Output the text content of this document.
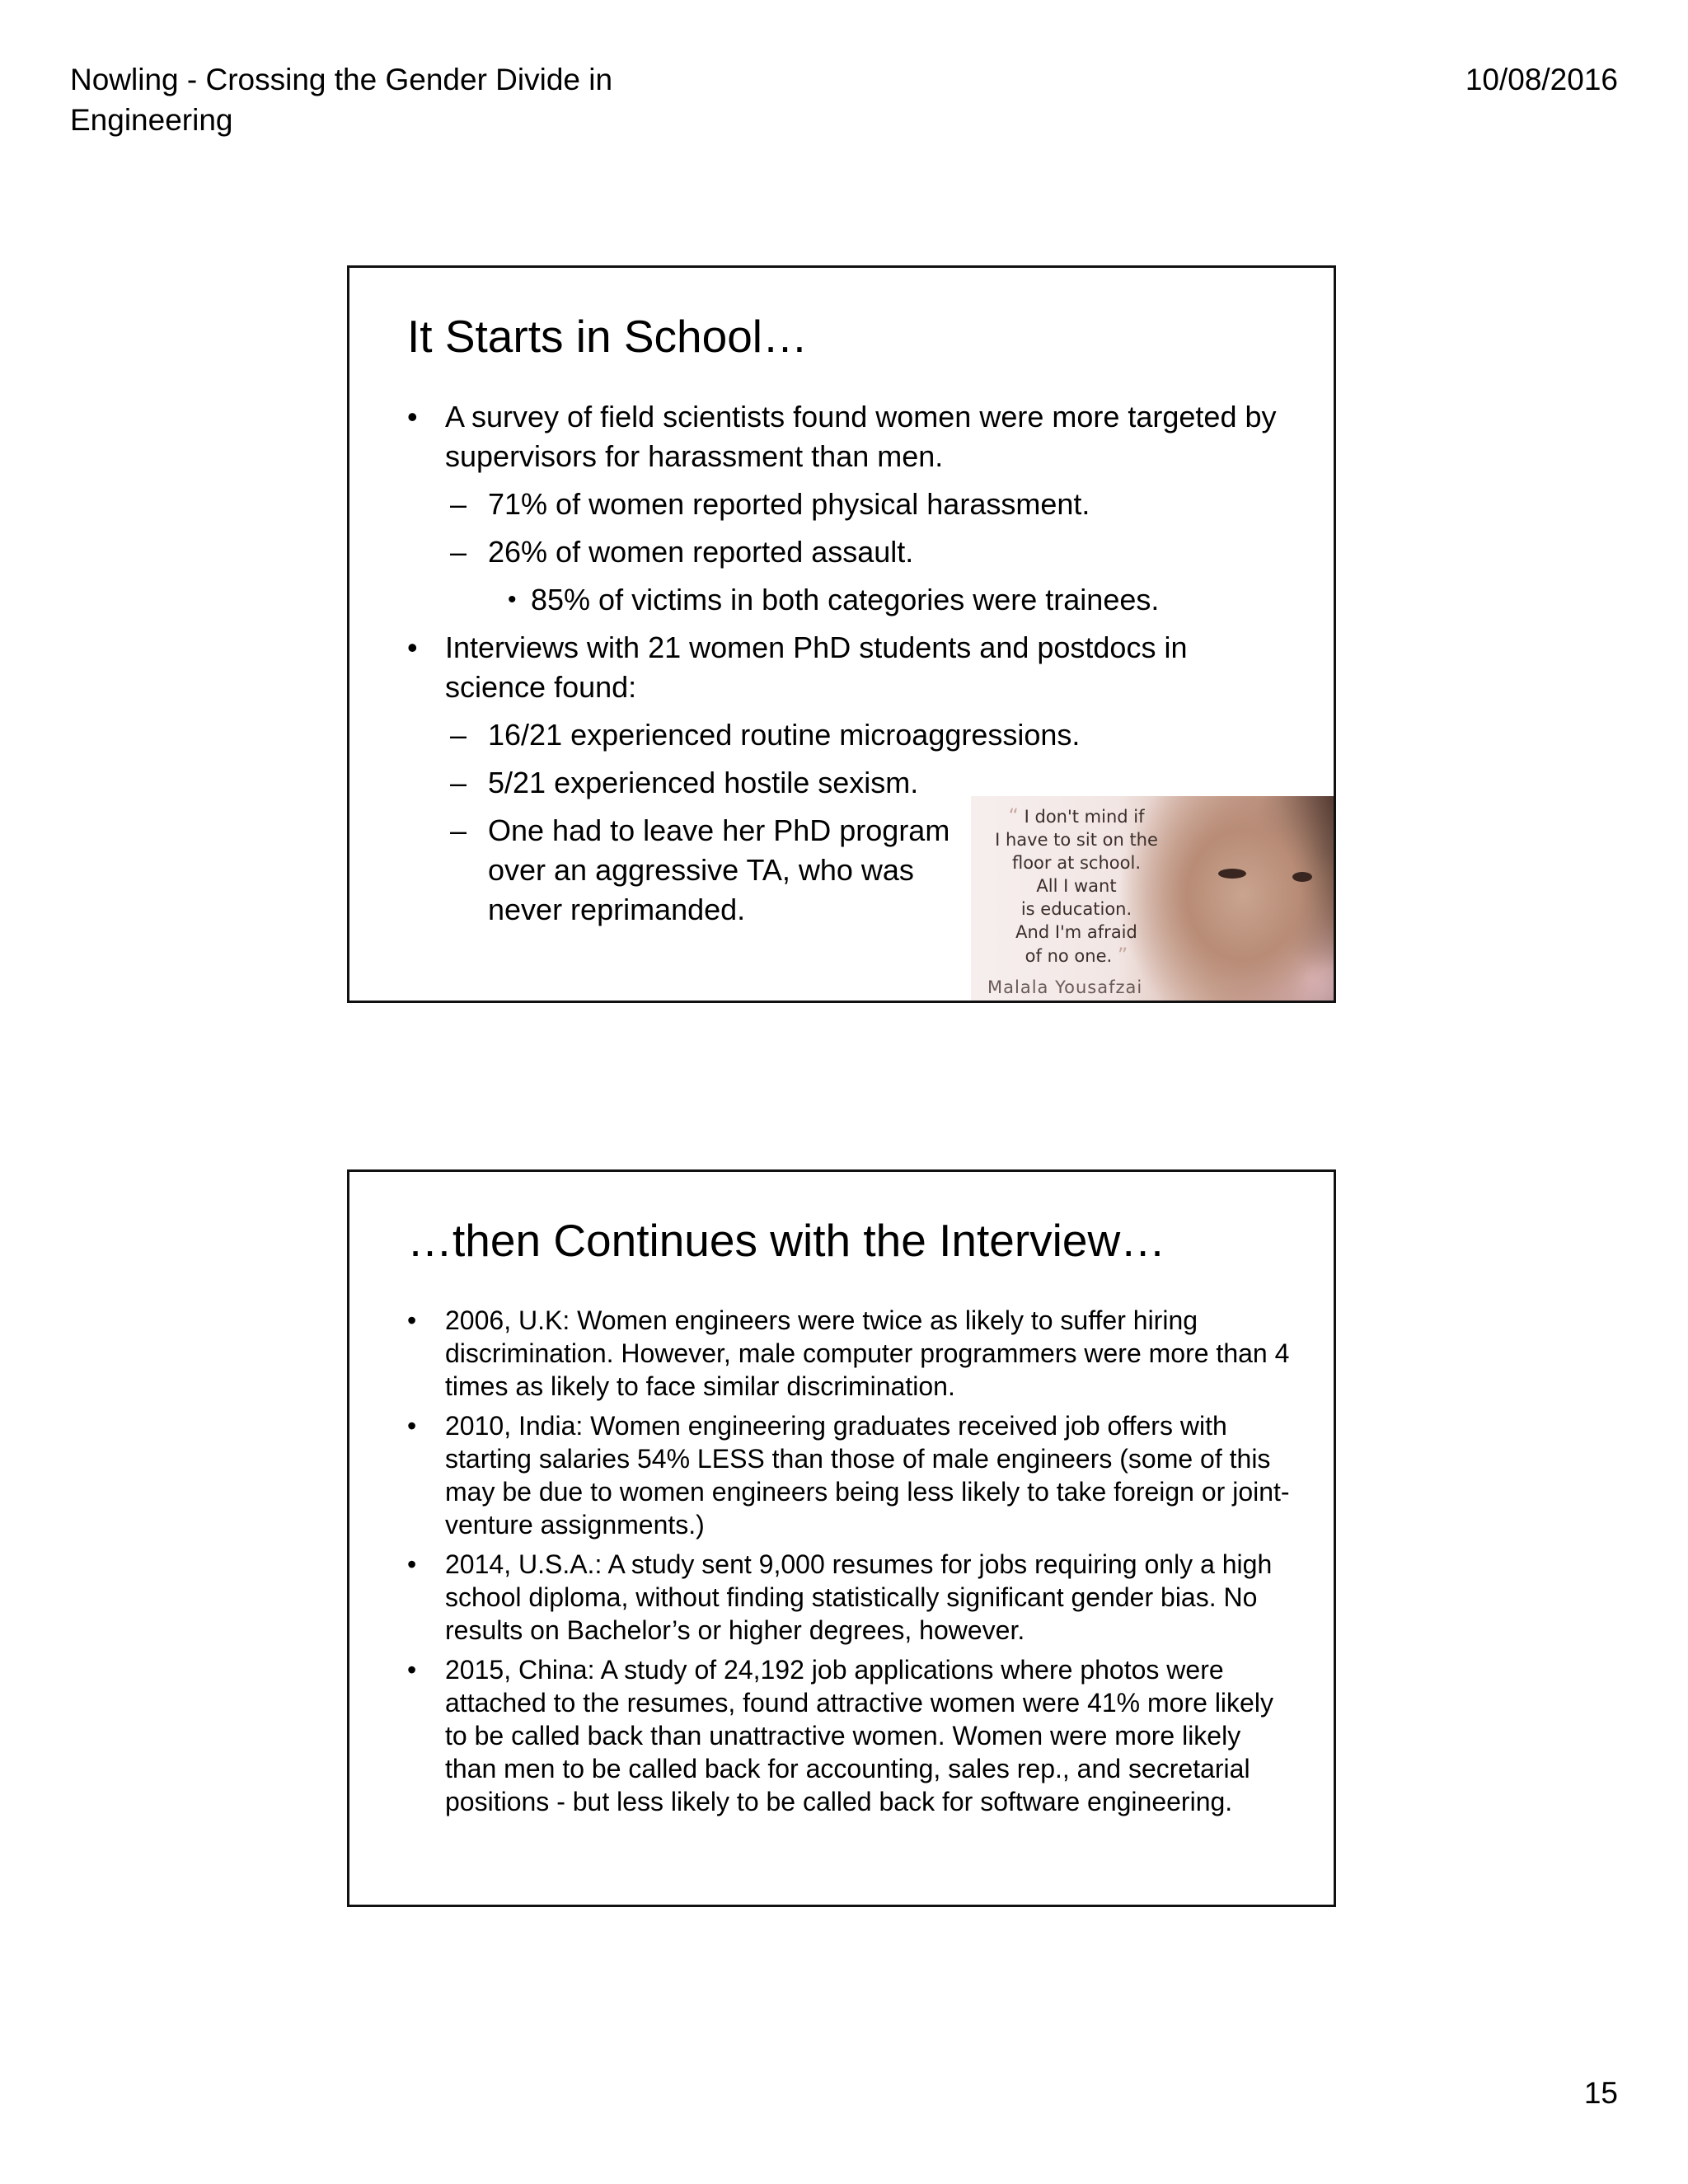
Nowling - Crossing the Gender Divide in Engineering
10/08/2016
It Starts in School…
• A survey of field scientists found women were more targeted by supervisors for harassment than men.
– 71% of women reported physical harassment.
– 26% of women reported assault.
• 85% of victims in both categories were trainees.
• Interviews with 21 women PhD students and postdocs in science found:
– 16/21 experienced routine microaggressions.
– 5/21 experienced hostile sexism.
– One had to leave her PhD program over an aggressive TA, who was never reprimanded.
“ I don't mind if
I have to sit on the
floor at school.
All I want
is education.
And I'm afraid
of no one. ”
Malala Yousafzai
…then Continues with the Interview…
• 2006, U.K: Women engineers were twice as likely to suffer hiring discrimination. However, male computer programmers were more than 4 times as likely to face similar discrimination.
• 2010, India: Women engineering graduates received job offers with starting salaries 54% LESS than those of male engineers (some of this may be due to women engineers being less likely to take foreign or joint-venture assignments.)
• 2014, U.S.A.: A study sent 9,000 resumes for jobs requiring only a high school diploma, without finding statistically significant gender bias. No results on Bachelor’s or higher degrees, however.
• 2015, China: A study of 24,192 job applications where photos were attached to the resumes, found attractive women were 41% more likely to be called back than unattractive women. Women were more likely than men to be called back for accounting, sales rep., and secretarial positions - but less likely to be called back for software engineering.
15
